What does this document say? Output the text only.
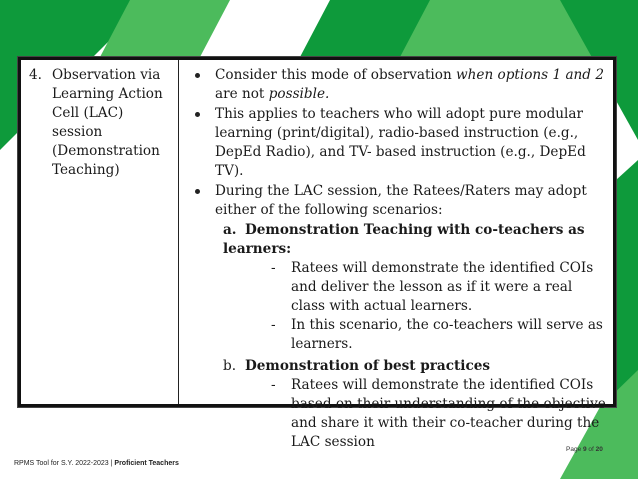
4. Observation via
Learning Action
Cell (LAC)
session
(Demonstration
Teaching)
Consider this mode of observation when options 1 and 2 are not possible.
This applies to teachers who will adopt pure modular learning (print/digital), radio-based instruction (e.g., DepEd Radio), and TV- based instruction (e.g., DepEd TV).
During the LAC session, the Ratees/Raters may adopt either of the following scenarios:
a. Demonstration Teaching with co-teachers as learners:
- Ratees will demonstrate the identified COIs and deliver the lesson as if it were a real class with actual learners.
- In this scenario, the co-teachers will serve as learners.
b. Demonstration of best practices
- Ratees will demonstrate the identified COIs based on their understanding of the objective and share it with their co-teacher during the LAC session
RPMS Tool for S.Y. 2022-2023 | Proficient Teachers
Page 9 of 20
